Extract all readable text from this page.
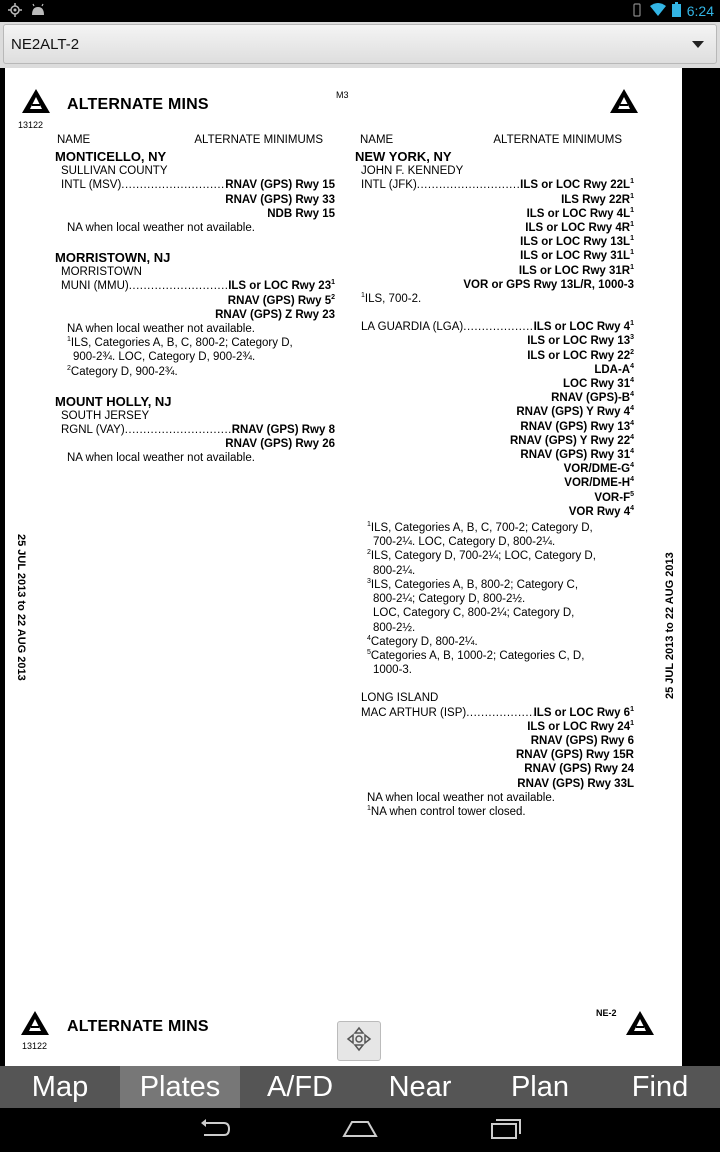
6:24
NE2ALT-2
13122
ALTERNATE MINS
M3
25 JUL 2013 to 22 AUG 2013	25 JUL 2013 to 22 AUG 2013
NAME	ALTERNATE MINIMUMS
MONTICELLO, NY
SULLIVAN COUNTY
INTL (MSV) .....	RNAV (GPS) Rwy 15
RNAV (GPS) Rwy 33
NDB Rwy 15
NA when local weather not available.
MORRISTOWN, NJ
MORRISTOWN
MUNI (MMU) .....	ILS or LOC Rwy $23^1$
RNAV (GPS) Rwy $5^2$
RNAV (GPS) Z Rwy 23
NA when local weather not available.
$^1$ILS, Categories A, B, C, 800-2; Category D,
900-2¾. LOC, Category D, 900-2¾.
$^2$Category D, 900-2¾.
MOUNT HOLLY, NJ
SOUTH JERSEY
RGNL (VAY) .....	RNAV (GPS) Rwy 8
RNAV (GPS) Rwy 26
NA when local weather not available.
NAME	ALTERNATE MINIMUMS
NEW YORK, NY
JOHN F. KENNEDY
INTL (JFK) .....	ILS or LOC Rwy $22L^1$
ILS Rwy $22R^1$
ILS or LOC Rwy $4L^1$
ILS or LOC Rwy $4R^1$
ILS or LOC Rwy $13L^1$
ILS or LOC Rwy $31L^1$
ILS or LOC Rwy $31R^1$
VOR or GPS Rwy 13L/R, 1000-3
$^1$ILS, 700-2.
LA GUARDIA (LGA) .....	ILS or LOC Rwy $4^1$
ILS or LOC Rwy $13^3$
ILS or LOC Rwy $22^2$
LDA-$A^4$
LOC Rwy $31^4$
RNAV $(GPS)-B^4$
RNAV (GPS) Y Rwy $4^4$
RNAV (GPS) Rwy $13^4$
RNAV (GPS) Y Rwy $22^4$
RNAV (GPS) Rwy $31^4$
VOR/$DME-G^4$
VOR/$DME-H^4$
VOR-$F^5$
VOR Rwy $4^4$
$^1$ILS, Categories A, B, C, 700-2; Category D,
700-2¼. LOC, Category D, 800-2¼.
$^2$ILS, Category D, 700-2¼; LOC, Category D,
800-2¼.
$^3$ILS, Categories A, B, 800-2; Category C,
800-2¼; Category D, 800-2½.
LOC, Category C, 800-2¼; Category D,
800-2½.
$^4$Category D, 800-2¼.
$^5$Categories A, B, 1000-2; Categories C, D,
1000-3.
LONG ISLAND
MAC ARTHUR (ISP) .....	ILS or LOC Rwy $6^1$
ILS or LOC Rwy $24^1$
RNAV (GPS) Rwy 6
RNAV (GPS) Rwy 15R
RNAV (GPS) Rwy 24
RNAV (GPS) Rwy 33L
NA when local weather not available.
$^1$NA when control tower closed.
13122
ALTERNATE MINS
NE-2
Map	Plates	A/FD	Near	Plan	Find
